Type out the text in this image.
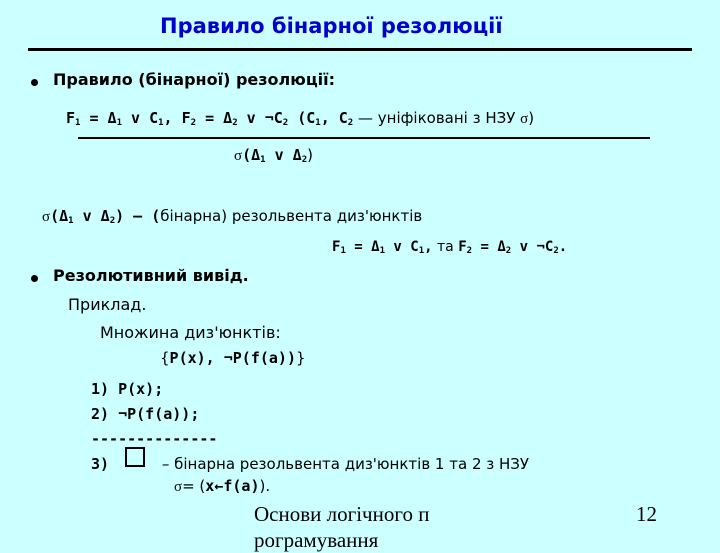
Правило бінарної резолюції
Правило (бінарної) резолюції:
$F_1 = \Delta_1$ v $C_1$, $F_2 = \Delta_2$ v $\neg C_2$ ($C_1$, $C_2$ — уніфіковані з НЗУ σ)
$\sigma(\Delta_1$ v $\Delta_2$)
$\sigma(\Delta_1$ v $\Delta_2$) – (бінарна) резольвента диз'юнктів
$F_1 = \Delta_1$ v $C_1$, та $F_2 = \Delta_2$ v $\neg C_2$.
Резолютивний вивід.
Приклад.
Множина диз'юнктів:
{P(x), ¬P(f(a))}
1) P(x);
2) ¬P(f(a));
--------------
3)	– бінарна резольвента диз'юнктів 1 та 2 з НЗУ
σ= (x←f(a)).
Основи логічного п
рограмування
12
